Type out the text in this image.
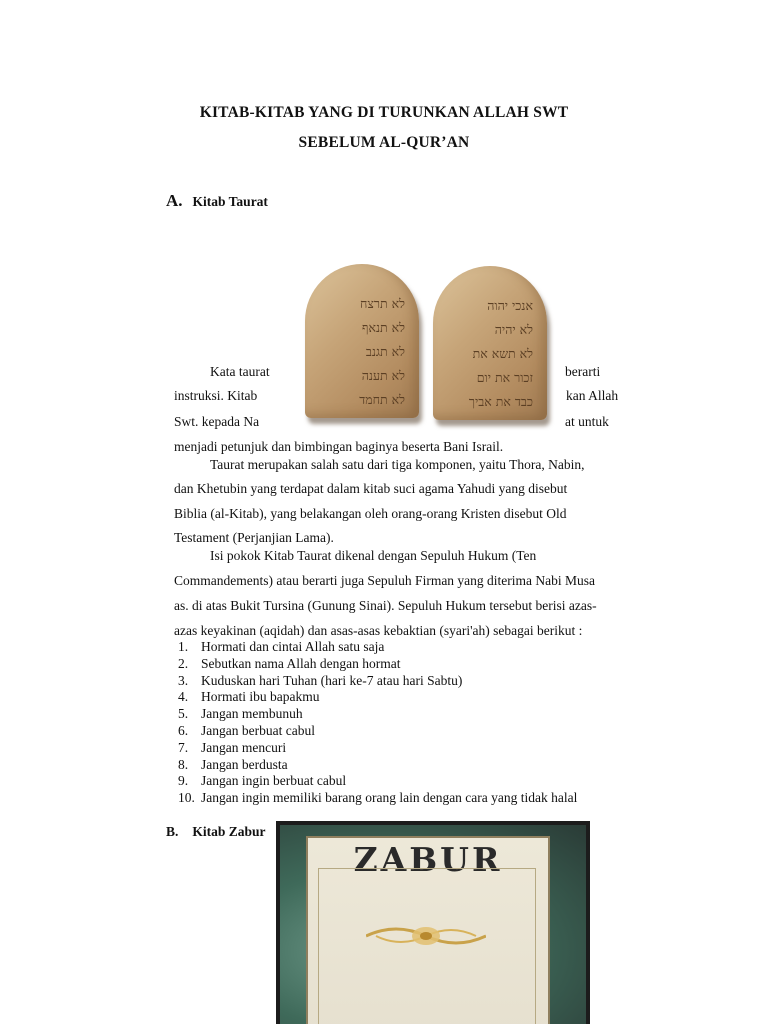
KITAB-KITAB YANG DI TURUNKAN ALLAH SWT
SEBELUM AL-QUR’AN
A. Kitab Taurat
Kata taurat	berarti
instruksi. Kitab	kan Allah
Swt. kepada Na	at untuk
menjadi petunjuk dan bimbingan baginya beserta Bani Israil.
לא תרצח
לא תנאף
לא תגנב
לא תענה
לא תחמד
אנכי יהוה
לא יהיה
לא תשא את
זכור את יום
כבד את אביך
Taurat merupakan salah satu dari tiga komponen, yaitu Thora, Nabin,
dan Khetubin yang terdapat dalam kitab suci agama Yahudi yang disebut
Biblia (al-Kitab), yang belakangan oleh orang-orang Kristen disebut Old
Testament (Perjanjian Lama).
Isi pokok Kitab Taurat dikenal dengan Sepuluh Hukum (Ten
Commandements) atau berarti juga Sepuluh Firman yang diterima Nabi Musa
as. di atas Bukit Tursina (Gunung Sinai). Sepuluh Hukum tersebut berisi azas-
azas keyakinan (aqidah) dan asas-asas kebaktian (syari'ah) sebagai berikut :
1. Hormati dan cintai Allah satu saja
2. Sebutkan nama Allah dengan hormat
3. Kuduskan hari Tuhan (hari ke-7 atau hari Sabtu)
4. Hormati ibu bapakmu
5. Jangan membunuh
6. Jangan berbuat cabul
7. Jangan mencuri
8. Jangan berdusta
9. Jangan ingin berbuat cabul
10. Jangan ingin memiliki barang orang lain dengan cara yang tidak halal
B. Kitab Zabur
ZABUR
